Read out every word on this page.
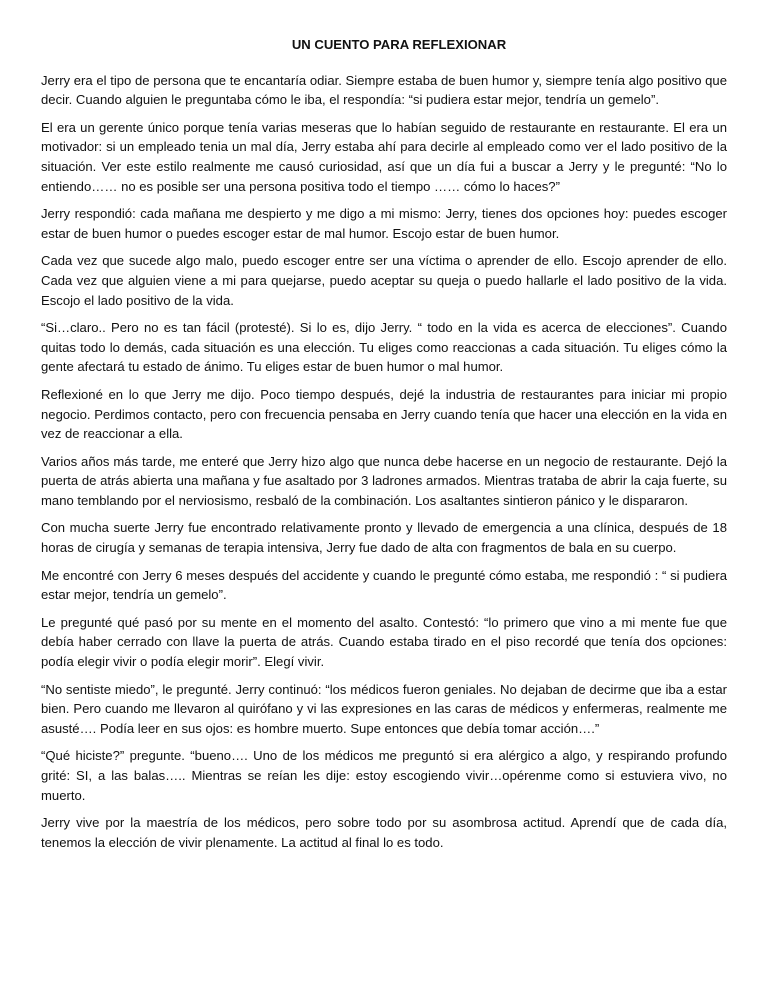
UN CUENTO PARA REFLEXIONAR

Jerry era el tipo de persona que te encantaría odiar. Siempre estaba de buen humor y, siempre tenía algo positivo que decir. Cuando alguien le preguntaba cómo le iba, el respondía: “si pudiera estar mejor, tendría un gemelo”.

El era un gerente único porque tenía varias meseras que lo habían seguido de restaurante en restaurante. El era un motivador: si un empleado tenia un mal día, Jerry estaba ahí para decirle al empleado como ver el lado positivo de la situación. Ver este estilo realmente me causó curiosidad, así que un día fui a buscar a Jerry y le pregunté: “No lo entiendo…… no es posible ser una persona positiva todo el tiempo …… cómo lo haces?”

Jerry respondió: cada mañana me despierto y me digo a mi mismo: Jerry, tienes dos opciones hoy: puedes escoger estar de buen humor o puedes escoger estar de mal humor. Escojo estar de buen humor.

Cada vez que sucede algo malo, puedo escoger entre ser una víctima o aprender de ello. Escojo aprender de ello. Cada vez que alguien viene a mi para quejarse, puedo aceptar su queja o puedo hallarle el lado positivo de la vida. Escojo el lado positivo de la vida.

“Si…claro.. Pero no es tan fácil (protesté). Si lo es, dijo Jerry. “ todo en la vida es acerca de elecciones”. Cuando quitas todo lo demás, cada situación es una elección. Tu eliges como reaccionas a cada situación. Tu eliges cómo la gente afectará tu estado de ánimo. Tu eliges estar de buen humor o mal humor.

Reflexioné en lo que Jerry me dijo. Poco tiempo después, dejé la industria de restaurantes para iniciar mi propio negocio. Perdimos contacto, pero con frecuencia pensaba en Jerry cuando tenía que hacer una elección en la vida en vez de reaccionar a ella.

Varios años más tarde, me enteré que Jerry hizo algo que nunca debe hacerse en un negocio de restaurante. Dejó la puerta de atrás abierta una mañana y fue asaltado por 3 ladrones armados. Mientras trataba de abrir la caja fuerte, su mano temblando por el nerviosismo, resbaló de la combinación. Los asaltantes sintieron pánico y le dispararon.

Con mucha suerte Jerry fue encontrado relativamente pronto y llevado de emergencia a una clínica, después de 18 horas de cirugía y semanas de terapia intensiva, Jerry fue dado de alta con fragmentos de bala en su cuerpo.

Me encontré con Jerry 6 meses después del accidente y cuando le pregunté cómo estaba, me respondió : “ si pudiera estar mejor, tendría un gemelo”.

Le pregunté qué pasó por su mente en el momento del asalto. Contestó: “lo primero que vino a mi mente fue que debía haber cerrado con llave la puerta de atrás. Cuando estaba tirado en el piso recordé que tenía dos opciones: podía elegir vivir o podía elegir morir”. Elegí vivir.

“No sentiste miedo”, le pregunté. Jerry continuó: “los médicos fueron geniales. No dejaban de decirme que iba a estar bien. Pero cuando me llevaron al quirófano y vi las expresiones en las caras de médicos y enfermeras, realmente me asusté…. Podía leer en sus ojos: es hombre muerto. Supe entonces que debía tomar acción….”

“Qué hiciste?” pregunte. “bueno…. Uno de los médicos me preguntó si era alérgico a algo, y respirando profundo grité: SI, a las balas….. Mientras se reían les dije: estoy escogiendo vivir…opérenme como si estuviera vivo, no muerto.

Jerry vive por la maestría de los médicos, pero sobre todo por su asombrosa actitud. Aprendí que de cada día, tenemos la elección de vivir plenamente. La actitud al final lo es todo.
